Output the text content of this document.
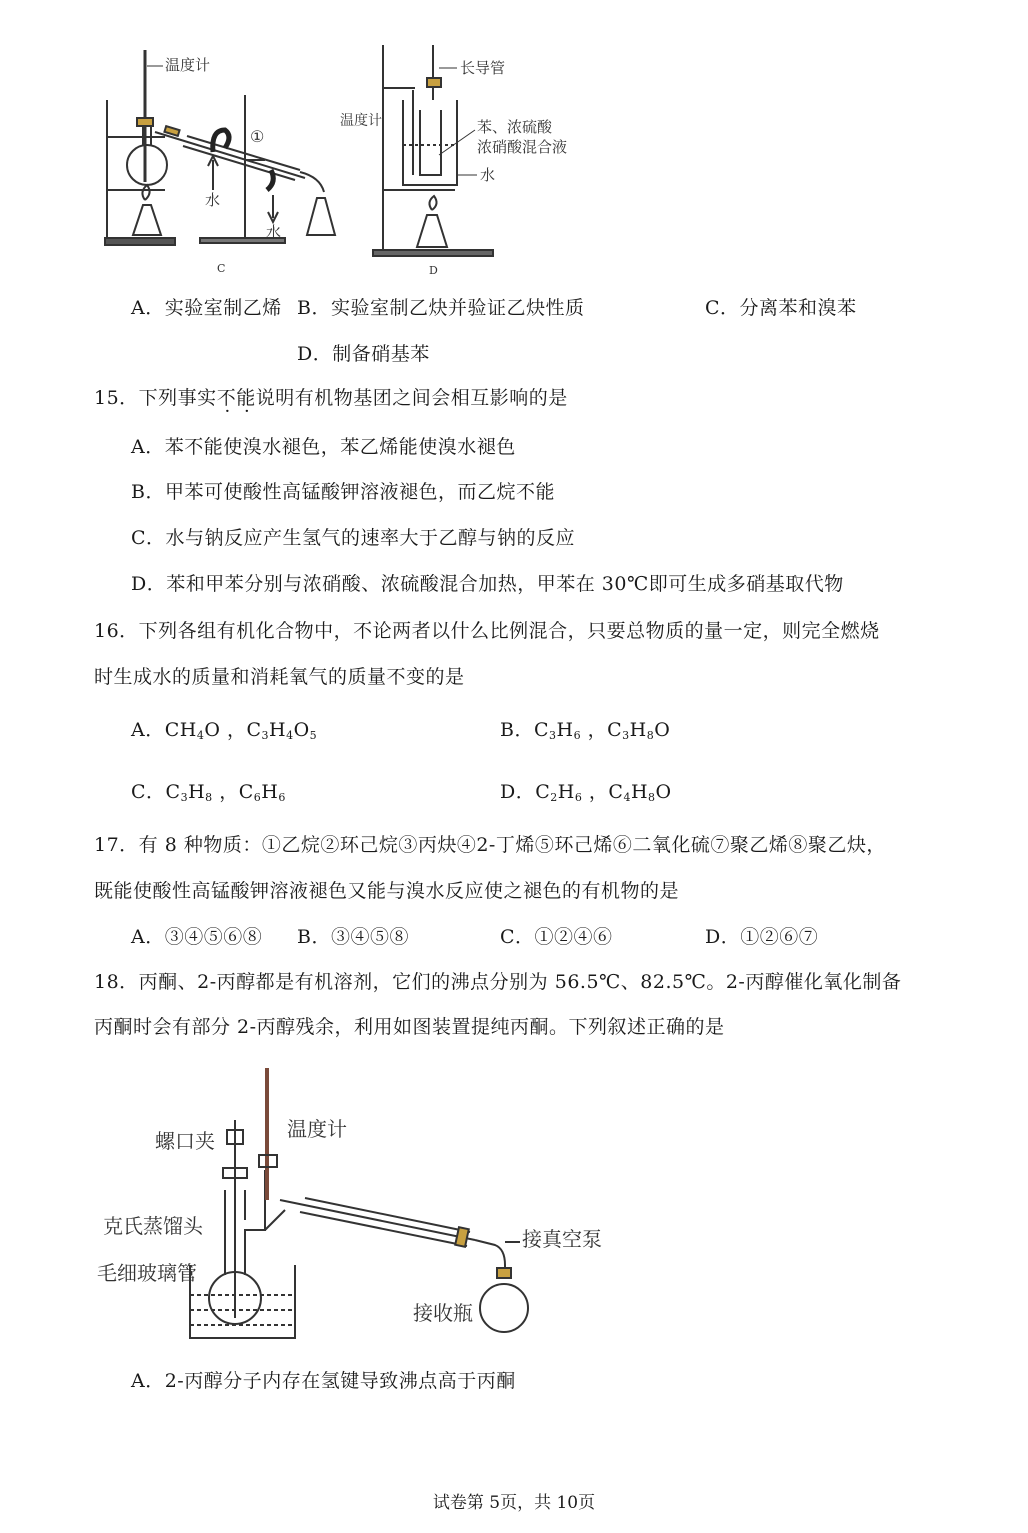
温度计
①
水
水
C
长导管
温度计	苯、浓硫酸
浓硝酸混合液
水
D
A．实验室制乙烯 B．实验室制乙炔并验证乙炔性质	C．分离苯和溴苯
D．制备硝基苯
15．下列事实不能说明有机物基团之间会相互影响的是
A．苯不能使溴水褪色，苯乙烯能使溴水褪色
B．甲苯可使酸性高锰酸钾溶液褪色，而乙烷不能
C．水与钠反应产生氢气的速率大于乙醇与钠的反应
D．苯和甲苯分别与浓硝酸、浓硫酸混合加热，甲苯在 30℃即可生成多硝基取代物
16．下列各组有机化合物中，不论两者以什么比例混合，只要总物质的量一定，则完全燃烧
时生成水的质量和消耗氧气的质量不变的是
A．$CH_4O$ ，$C_3H_4O_5$	B．$C_3H_6$ ，$C_3H_8O$
C．$C_3H_8$ ，$C_6H_6$	D．$C_2H_6$ ，$C_4H_8O$
17．有 8 种物质：①乙烷②环己烷③丙炔④2-丁烯⑤环己烯⑥二氧化硫⑦聚乙烯⑧聚乙炔，
既能使酸性高锰酸钾溶液褪色又能与溴水反应使之褪色的有机物的是
A．③④⑤⑥⑧ B．③④⑤⑧	C．①②④⑥	D．①②⑥⑦
18．丙酮、2-丙醇都是有机溶剂，它们的沸点分别为 56.5℃、82.5℃。2-丙醇催化氧化制备
丙酮时会有部分 2-丙醇残余，利用如图装置提纯丙酮。下列叙述正确的是
螺口夹	温度计
克氏蒸馏头
毛细玻璃管
接真空泵
接收瓶
A．2-丙醇分子内存在氢键导致沸点高于丙酮
试卷第 5页，共 10页
